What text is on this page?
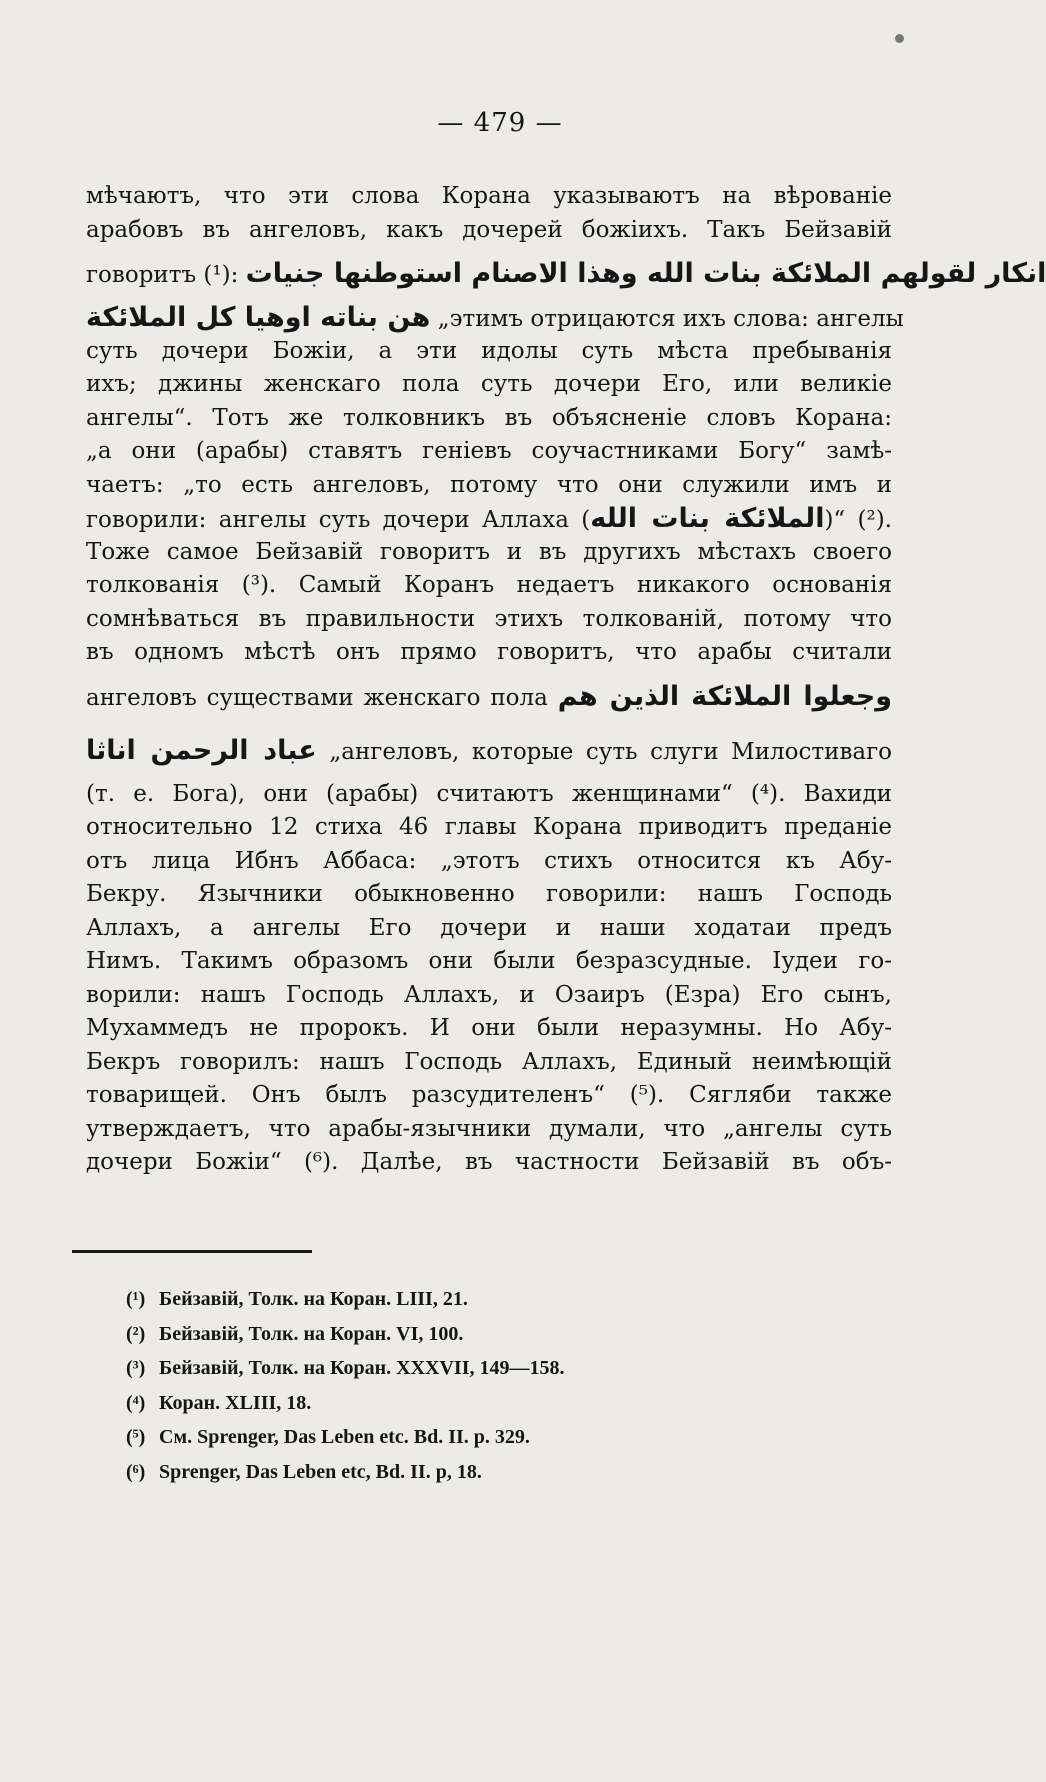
— 479 —
мѣчаютъ, что эти слова Корана указываютъ на вѣрованіе
арабовъ въ ангеловъ, какъ дочерей божіихъ. Такъ Бейзавій
говоритъ (¹): انكار لقولهم الملائكة بنات الله وهذا الاصنام استوطنها جنيات
هن بناته اوهيا كل الملائكة „этимъ отрицаются ихъ слова: ангелы
суть дочери Божіи, а эти идолы суть мѣста пребыванія
ихъ; джины женскаго пола суть дочери Его, или великіе
ангелы“. Тотъ же толковникъ въ объясненіе словъ Корана:
„а они (арабы) ставятъ геніевъ соучастниками Богу“ замѣ-
чаетъ: „то есть ангеловъ, потому что они служили имъ и
говорили: ангелы суть дочери Аллаха (الملائكة بنات الله)“ (²).
Тоже самое Бейзавій говоритъ и въ другихъ мѣстахъ своего
толкованія (³). Самый Коранъ недаетъ никакого основанія
сомнѣваться въ правильности этихъ толкованій, потому что
въ одномъ мѣстѣ онъ прямо говоритъ, что арабы считали
ангеловъ существами женскаго пола وجعلوا الملائكة الذين هم
عباد الرحمن اناثا „ангеловъ, которые суть слуги Милостиваго
(т. е. Бога), они (арабы) считаютъ женщинами“ (⁴). Вахиди
относительно 12 стиха 46 главы Корана приводитъ преданіе
отъ лица Ибнъ Аббаса: „этотъ стихъ относится къ Абу-
Бекру. Язычники обыкновенно говорили: нашъ Господь
Аллахъ, а ангелы Его дочери и наши ходатаи предъ
Нимъ. Такимъ образомъ они были безразсудные. Іудеи го-
ворили: нашъ Господь Аллахъ, и Озаиръ (Езра) Его сынъ,
Мухаммедъ не пророкъ. И они были неразумны. Но Абу-
Бекръ говорилъ: нашъ Господь Аллахъ, Единый неимѣющій
товарищей. Онъ былъ разсудителенъ“ (⁵). Сягляби также
утверждаетъ, что арабы-язычники думали, что „ангелы суть
дочери Божіи“ (⁶). Далѣе, въ частности Бейзавій въ объ-
(¹) Бейзавій, Толк. на Коран. LIII, 21.
(²) Бейзавій, Толк. на Коран. VI, 100.
(³) Бейзавій, Толк. на Коран. XXXVII, 149—158.
(⁴) Коран. XLIII, 18.
(⁵) См. Sprenger, Das Leben etc. Bd. II. p. 329.
(⁶) Sprenger, Das Leben etc, Bd. II. p, 18.
